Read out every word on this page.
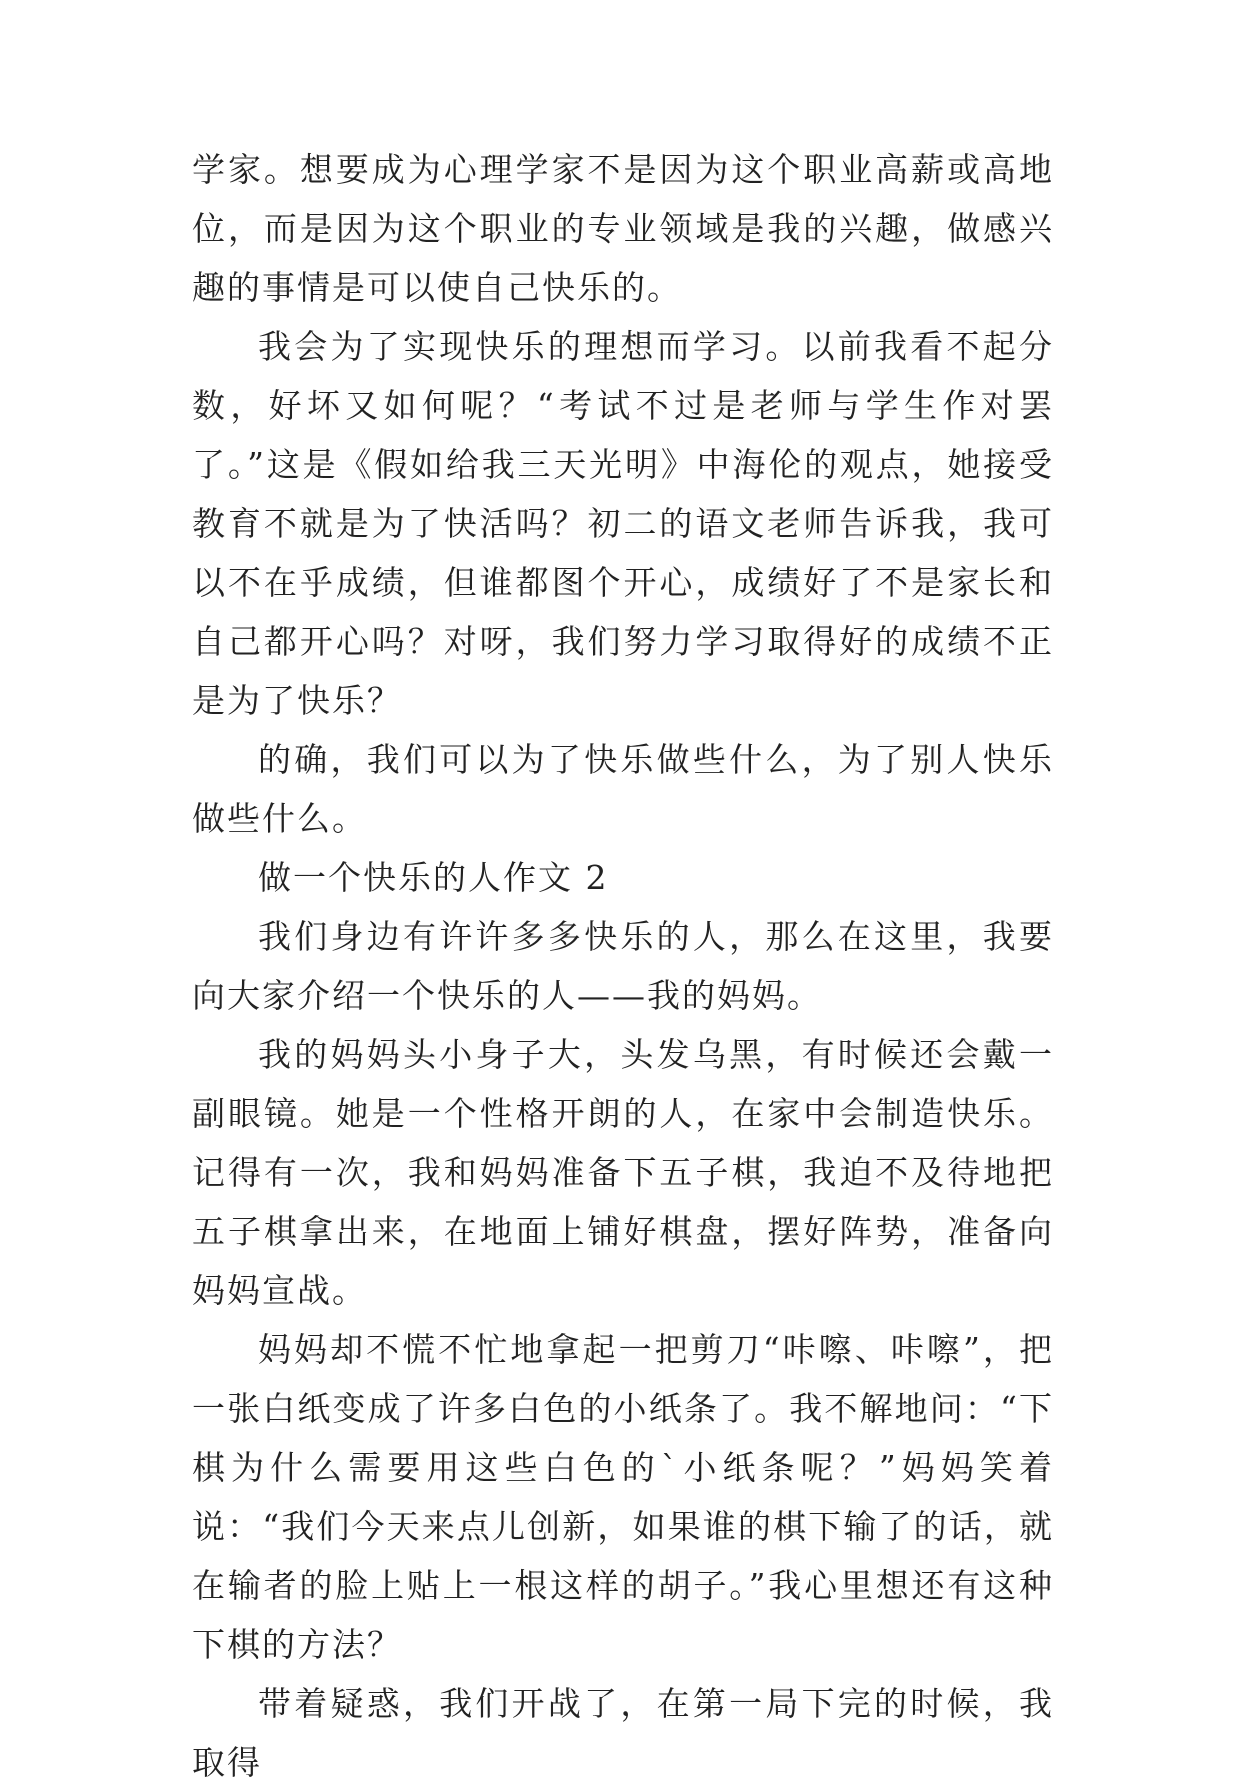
学家。想要成为心理学家不是因为这个职业高薪或高地位，而是因为这个职业的专业领域是我的兴趣，做感兴趣的事情是可以使自己快乐的。

我会为了实现快乐的理想而学习。以前我看不起分数，好坏又如何呢？“考试不过是老师与学生作对罢了。”这是《假如给我三天光明》中海伦的观点，她接受教育不就是为了快活吗？初二的语文老师告诉我，我可以不在乎成绩，但谁都图个开心，成绩好了不是家长和自己都开心吗？对呀，我们努力学习取得好的成绩不正是为了快乐？

的确，我们可以为了快乐做些什么，为了别人快乐做些什么。

做一个快乐的人作文 2

我们身边有许许多多快乐的人，那么在这里，我要向大家介绍一个快乐的人——我的妈妈。

我的妈妈头小身子大，头发乌黑，有时候还会戴一副眼镜。她是一个性格开朗的人，在家中会制造快乐。记得有一次，我和妈妈准备下五子棋，我迫不及待地把五子棋拿出来，在地面上铺好棋盘，摆好阵势，准备向妈妈宣战。

妈妈却不慌不忙地拿起一把剪刀“咔嚓、咔嚓”，把一张白纸变成了许多白色的小纸条了。我不解地问：“下棋为什么需要用这些白色的`小纸条呢？”妈妈笑着说：“我们今天来点儿创新，如果谁的棋下输了的话，就在输者的脸上贴上一根这样的胡子。”我心里想还有这种下棋的方法？

带着疑惑，我们开战了，在第一局下完的时候，我取得
